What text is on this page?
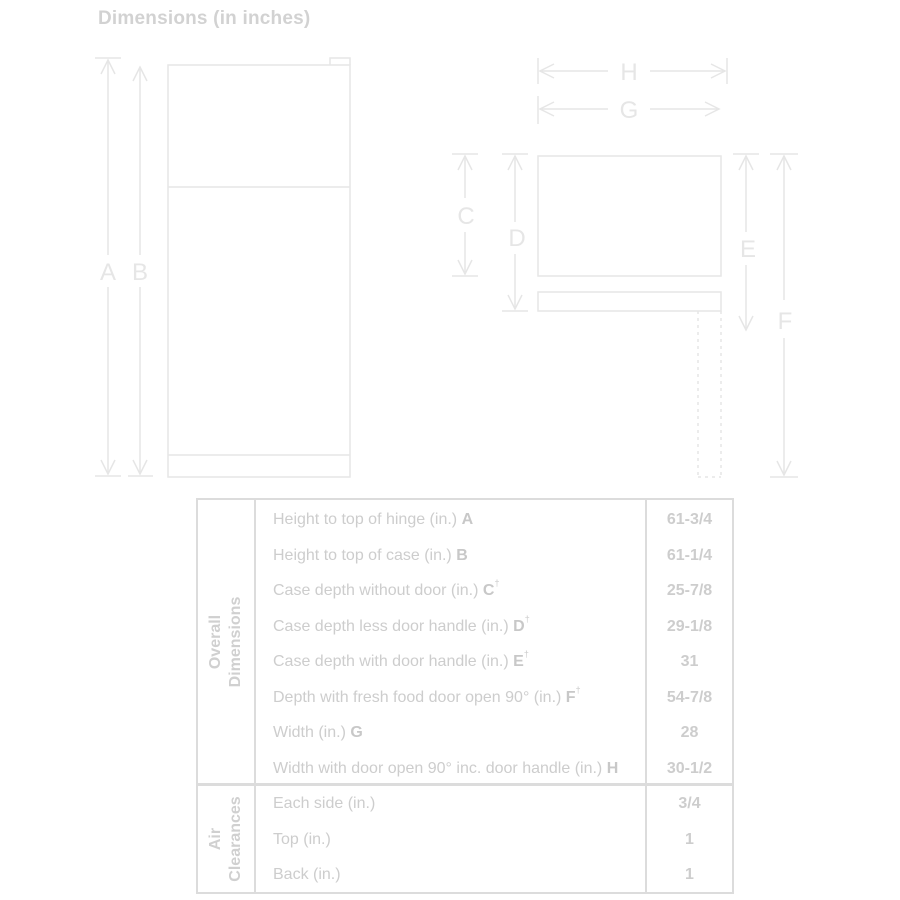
Dimensions (in inches)
A B
H
G
C
D	E
F
Overall Dimensions
Height to top of hinge (in.) A	61-3/4
Height to top of case (in.) B	61-1/4
Case depth without door (in.) C†	25-7/8
Case depth less door handle (in.) D†	29-1/8
Case depth with door handle (in.) E†	31
Depth with fresh food door open 90° (in.) F†	54-7/8
Width (in.) G	28
Width with door open 90° inc. door handle (in.) H	30-1/2
Air Clearances Each side (in.)	3/4
Top (in.)	1
Back (in.)	1
